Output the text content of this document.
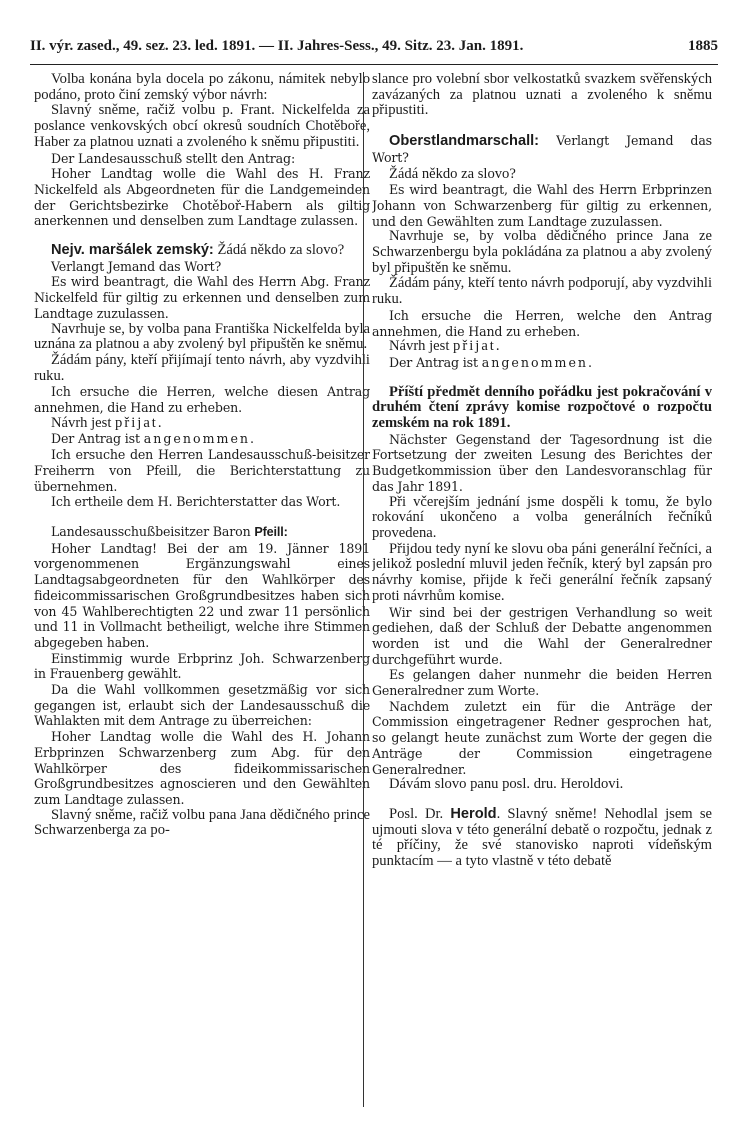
II. výr. zased., 49. sez. 23. led. 1891. — II. Jahres-Sess., 49. Sitz. 23. Jan. 1891.	1885

Volba konána byla docela po zákonu, námitek nebylo podáno, proto činí zemský výbor návrh:

Slavný sněme, račiž volbu p. Frant. Nickelfelda za poslance venkovských obcí okresů soudních Chotěboře, Haber za platnou uznati a zvoleného k sněmu připustiti.

Der Landesausschuß stellt den Antrag:

Hoher Landtag wolle die Wahl des H. Franz Nickelfeld als Abgeordneten für die Landgemeinden der Gerichtsbezirke Chotěboř-Habern als giltig anerkennen und denselben zum Landtage zulassen.

Nejv. maršálek zemský: Žádá někdo za slovo?

Verlangt Jemand das Wort?

Es wird beantragt, die Wahl des Herrn Abg. Franz Nickelfeld für giltig zu erkennen und denselben zum Landtage zuzulassen.

Navrhuje se, by volba pana Františka Nickelfelda byla uznána za platnou a aby zvolený byl připuštěn ke sněmu.

Žádám pány, kteří přijímají tento návrh, aby vyzdvihli ruku.

Ich ersuche die Herren, welche diesen Antrag annehmen, die Hand zu erheben.

Návrh jest přijat.

Der Antrag ist angenommen.

Ich ersuche den Herren Landesausschuß-beisitzer Freiherrn von Pfeill, die Berichterstattung zu übernehmen.

Ich ertheile dem H. Berichterstatter das Wort.

Landesausschußbeisitzer Baron Pfeill:

Hoher Landtag! Bei der am 19. Jänner 1891 vorgenommenen Ergänzungswahl eines Landtagsabgeordneten für den Wahlkörper des fideicommissarischen Großgrundbesitzes haben sich von 45 Wahlberechtigten 22 und zwar 11 persönlich und 11 in Vollmacht betheiligt, welche ihre Stimmen abgegeben haben.

Einstimmig wurde Erbprinz Joh. Schwarzenberg in Frauenberg gewählt.

Da die Wahl vollkommen gesetzmäßig vor sich gegangen ist, erlaubt sich der Landesausschuß die Wahlakten mit dem Antrage zu überreichen:

Hoher Landtag wolle die Wahl des H. Johann Erbprinzen Schwarzenberg zum Abg. für den Wahlkörper des fideikommissarischen Großgrundbesitzes agnoscieren und den Gewählten zum Landtage zulassen.

Slavný sněme, račiž volbu pana Jana dědičného prince Schwarzenberga za po-

slance pro volební sbor velkostatků svazkem svěřenských zavázaných za platnou uznati a zvoleného k sněmu připustiti.

Oberstlandmarschall: Verlangt Jemand das Wort?

Žádá někdo za slovo?

Es wird beantragt, die Wahl des Herrn Erbprinzen Johann von Schwarzenberg für giltig zu erkennen, und den Gewählten zum Landtage zuzulassen.

Navrhuje se, by volba dědičného prince Jana ze Schwarzenbergu byla pokládána za platnou a aby zvolený byl připuštěn ke sněmu.

Žádám pány, kteří tento návrh podporují, aby vyzdvihli ruku.

Ich ersuche die Herren, welche den Antrag annehmen, die Hand zu erheben.

Návrh jest přijat.

Der Antrag ist angenommen.

Příští předmět denního pořádku jest pokračování v druhém čtení zprávy komise rozpočtové o rozpočtu zemském na rok 1891.

Nächster Gegenstand der Tagesordnung ist die Fortsetzung der zweiten Lesung des Berichtes der Budgetkommission über den Landesvoranschlag für das Jahr 1891.

Při včerejším jednání jsme dospěli k tomu, že bylo rokování ukončeno a volba generálních řečníků provedena.

Přijdou tedy nyní ke slovu oba páni generální řečníci, a jelikož poslední mluvil jeden řečník, který byl zapsán pro návrhy komise, přijde k řeči generální řečník zapsaný proti návrhům komise.

Wir sind bei der gestrigen Verhandlung so weit gediehen, daß der Schluß der Debatte angenommen worden ist und die Wahl der Generalredner durchgeführt wurde.

Es gelangen daher nunmehr die beiden Herren Generalredner zum Worte.

Nachdem zuletzt ein für die Anträge der Commission eingetragener Redner gesprochen hat, so gelangt heute zunächst zum Worte der gegen die Anträge der Commission eingetragene Generalredner.

Dávám slovo panu posl. dru. Heroldovi.

Posl. Dr. Herold. Slavný sněme! Nehodlal jsem se ujmouti slova v této generální debatě o rozpočtu, jednak z té příčiny, že své stanovisko naproti vídeňským punktacím — a tyto vlastně v této debatě
